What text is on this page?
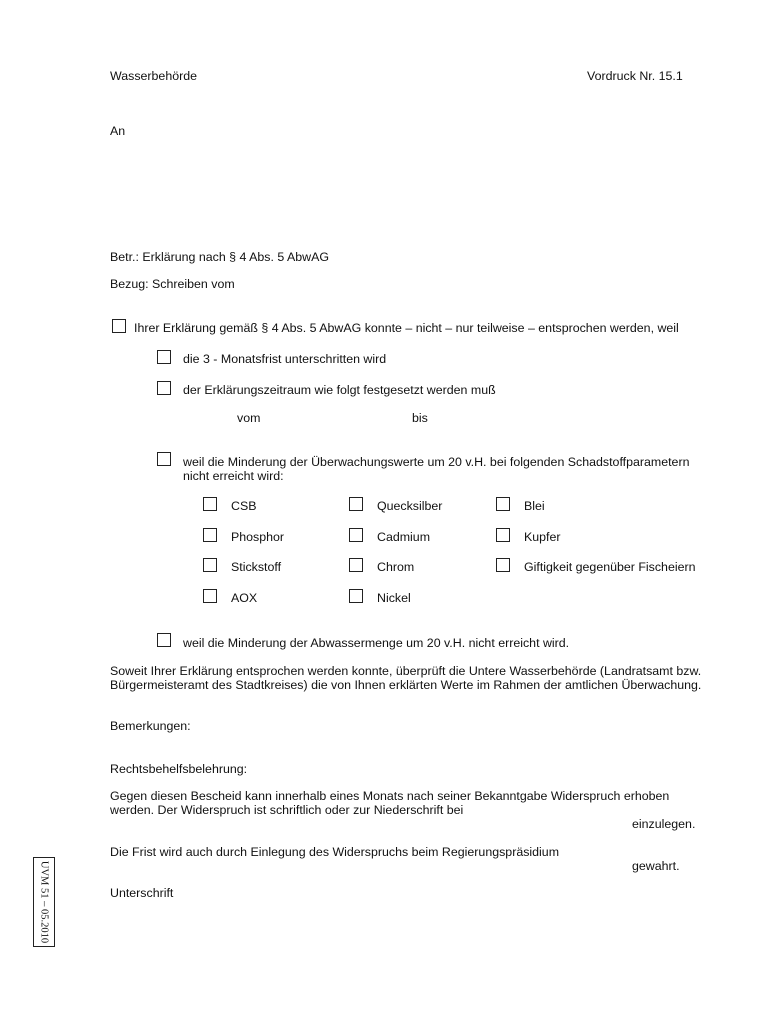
Wasserbehörde	Vordruck Nr. 15.1
An
Betr.: Erklärung nach § 4 Abs. 5 AbwAG
Bezug: Schreiben vom
Ihrer Erklärung gemäß § 4 Abs. 5 AbwAG konnte – nicht – nur teilweise – entsprochen werden, weil
die 3 - Monatsfrist unterschritten wird
der Erklärungszeitraum wie folgt festgesetzt werden muß
vom	bis
weil die Minderung der Überwachungswerte um 20 v.H. bei folgenden Schadstoffparametern
nicht erreicht wird:
CSB
Phosphor
Stickstoff
AOX
Quecksilber
Cadmium
Chrom
Nickel
Blei
Kupfer
Giftigkeit gegenüber Fischeiern
weil die Minderung der Abwassermenge um 20 v.H. nicht erreicht wird.
Soweit Ihrer Erklärung entsprochen werden konnte, überprüft die Untere Wasserbehörde (Landratsamt bzw. Bürgermeisteramt des Stadtkreises) die von Ihnen erklärten Werte im Rahmen der amtlichen Überwachung.
Bemerkungen:
Rechtsbehelfsbelehrung:
Gegen diesen Bescheid kann innerhalb eines Monats nach seiner Bekanntgabe Widerspruch erhoben
werden. Der Widerspruch ist schriftlich oder zur Niederschrift bei
einzulegen.
Die Frist wird auch durch Einlegung des Widerspruchs beim Regierungspräsidium
gewahrt.
Unterschrift
UVM 51 – 05.2010
